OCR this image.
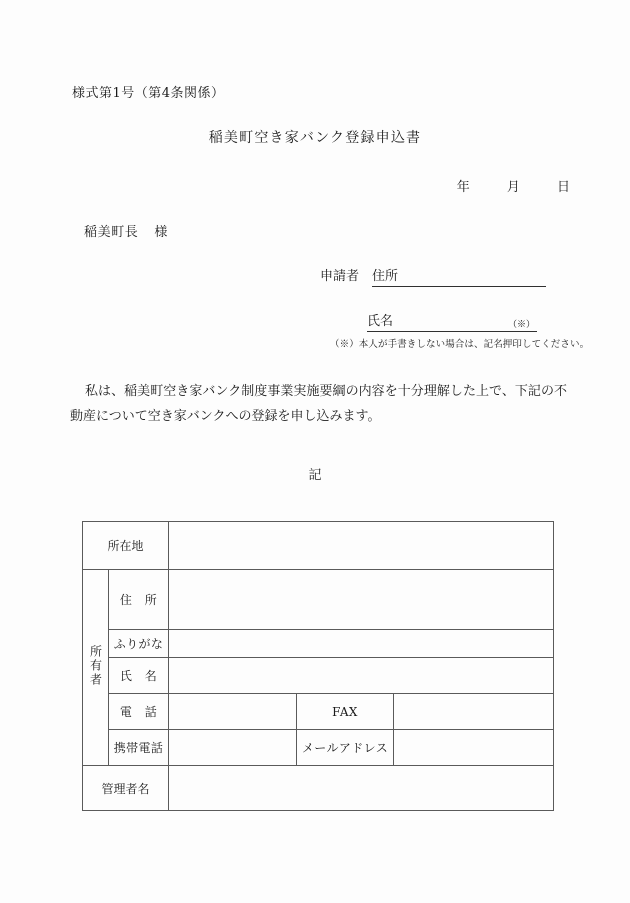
様式第1号（第4条関係）
稲美町空き家バンク登録申込書
年	月	日
稲美町長 様
申請者 住所
氏名	（※）
（※）本人が手書きしない場合は、記名押印してください。
私は、稲美町空き家バンク制度事業実施要綱の内容を十分理解した上で、下記の不動産について空き家バンクへの登録を申し込みます。
記
所在地				
所有者	住　所			
	ふりがな			
	氏　名			
	電　話		FAX	
	携帯電話		メールアドレス	
管理者名				
